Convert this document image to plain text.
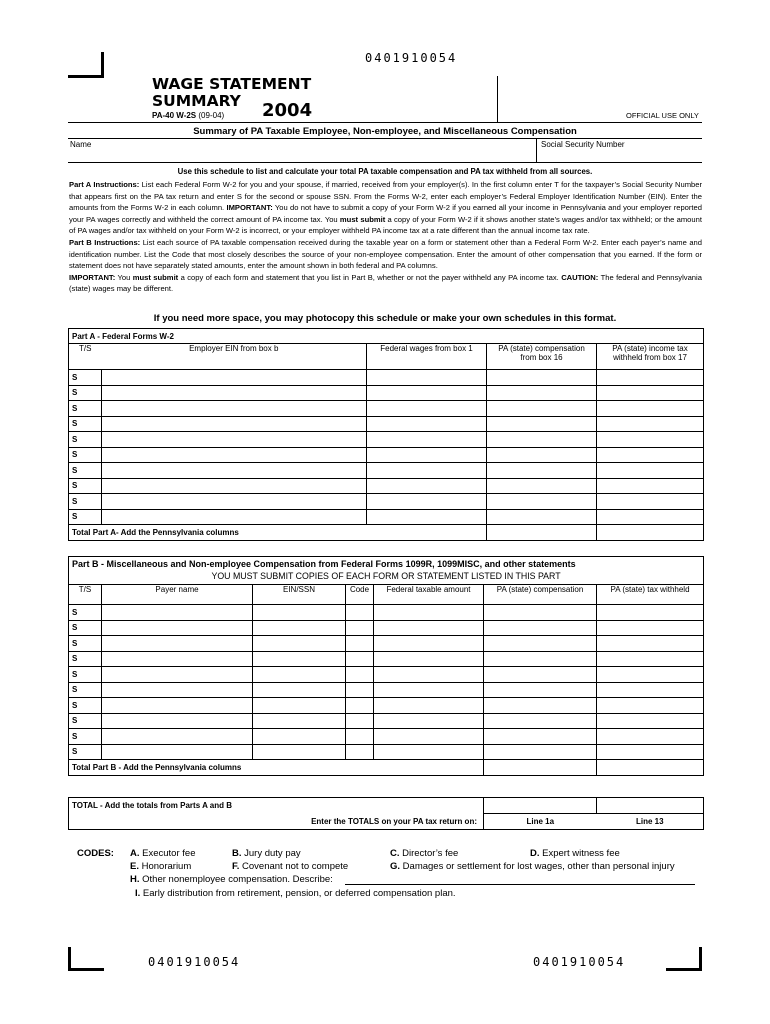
0401910054
0401910054	0401910054
WAGE STATEMENT
SUMMARY	2004
PA-40 W-2S (09-04)	OFFICIAL USE ONLY
Summary of PA Taxable Employee, Non-employee, and Miscellaneous Compensation
Name	Social Security Number
Use this schedule to list and calculate your total PA taxable compensation and PA tax withheld from all sources.
Part A Instructions: List each Federal Form W-2 for you and your spouse, if married, received from your employer(s). In the first column enter T for the taxpayer’s Social Security Number that appears first on the PA tax return and enter S for the second or spouse SSN. From the Forms W-2, enter each employer’s Federal Employer Identification Number (EIN). Enter the amounts from the Forms W-2 in each column. IMPORTANT: You do not have to submit a copy of your Form W-2 if you earned all your income in Pennsylvania and your employer reported your PA wages correctly and withheld the correct amount of PA income tax. You must submit a copy of your Form W-2 if it shows another state’s wages and/or tax withheld; or the amount of PA wages and/or tax withheld on your Form W-2 is incorrect, or your employer withheld PA income tax at a rate different than the annual income tax rate.
Part B Instructions: List each source of PA taxable compensation received during the taxable year on a form or statement other than a Federal Form W-2. Enter each payer’s name and identification number. List the Code that most closely describes the source of your non-employee compensation. Enter the amount of other compensation that you earned. If the form or statement does not have separately stated amounts, enter the amount shown in both federal and PA columns.
IMPORTANT: You must submit a copy of each form and statement that you list in Part B, whether or not the payer withheld any PA income tax. CAUTION: The federal and Pennsylvania (state) wages may be different.
If you need more space, you may photocopy this schedule or make your own schedules in this format.
Part A - Federal Forms W-2				
T/S	Employer EIN from box b	Federal wages from box 1	PA (state) compensation from box 16	PA (state) income tax withheld from box 17
S				
S				
S				
S				
S				
S				
S				
S				
S				
S				
Total Part A- Add the Pennsylvania columns				
Part B - Miscellaneous and Non-employee Compensation from Federal Forms 1099R, 1099MISC, and other statements
YOU MUST SUBMIT COPIES OF EACH FORM OR STATEMENT LISTED IN THIS PART						

T/S	Payer name	EIN/SSN	Code	Federal taxable amount	PA (state) compensation	PA (state) tax withheld
S						
S						
S						
S						
S						
S						
S						
S						
S						
S						
Total Part B - Add the Pennsylvania columns						
TOTAL - Add the totals from Parts A and B		
Enter the TOTALS on your PA tax return on:	Line 1a	Line 13
CODES: A. Executor fee	B. Jury duty pay	C. Director’s fee	D. Expert witness fee
E. Honorarium	F. Covenant not to compete	G. Damages or settlement for lost wages, other than personal injury
H. Other nonemployee compensation. Describe:
I. Early distribution from retirement, pension, or deferred compensation plan.
